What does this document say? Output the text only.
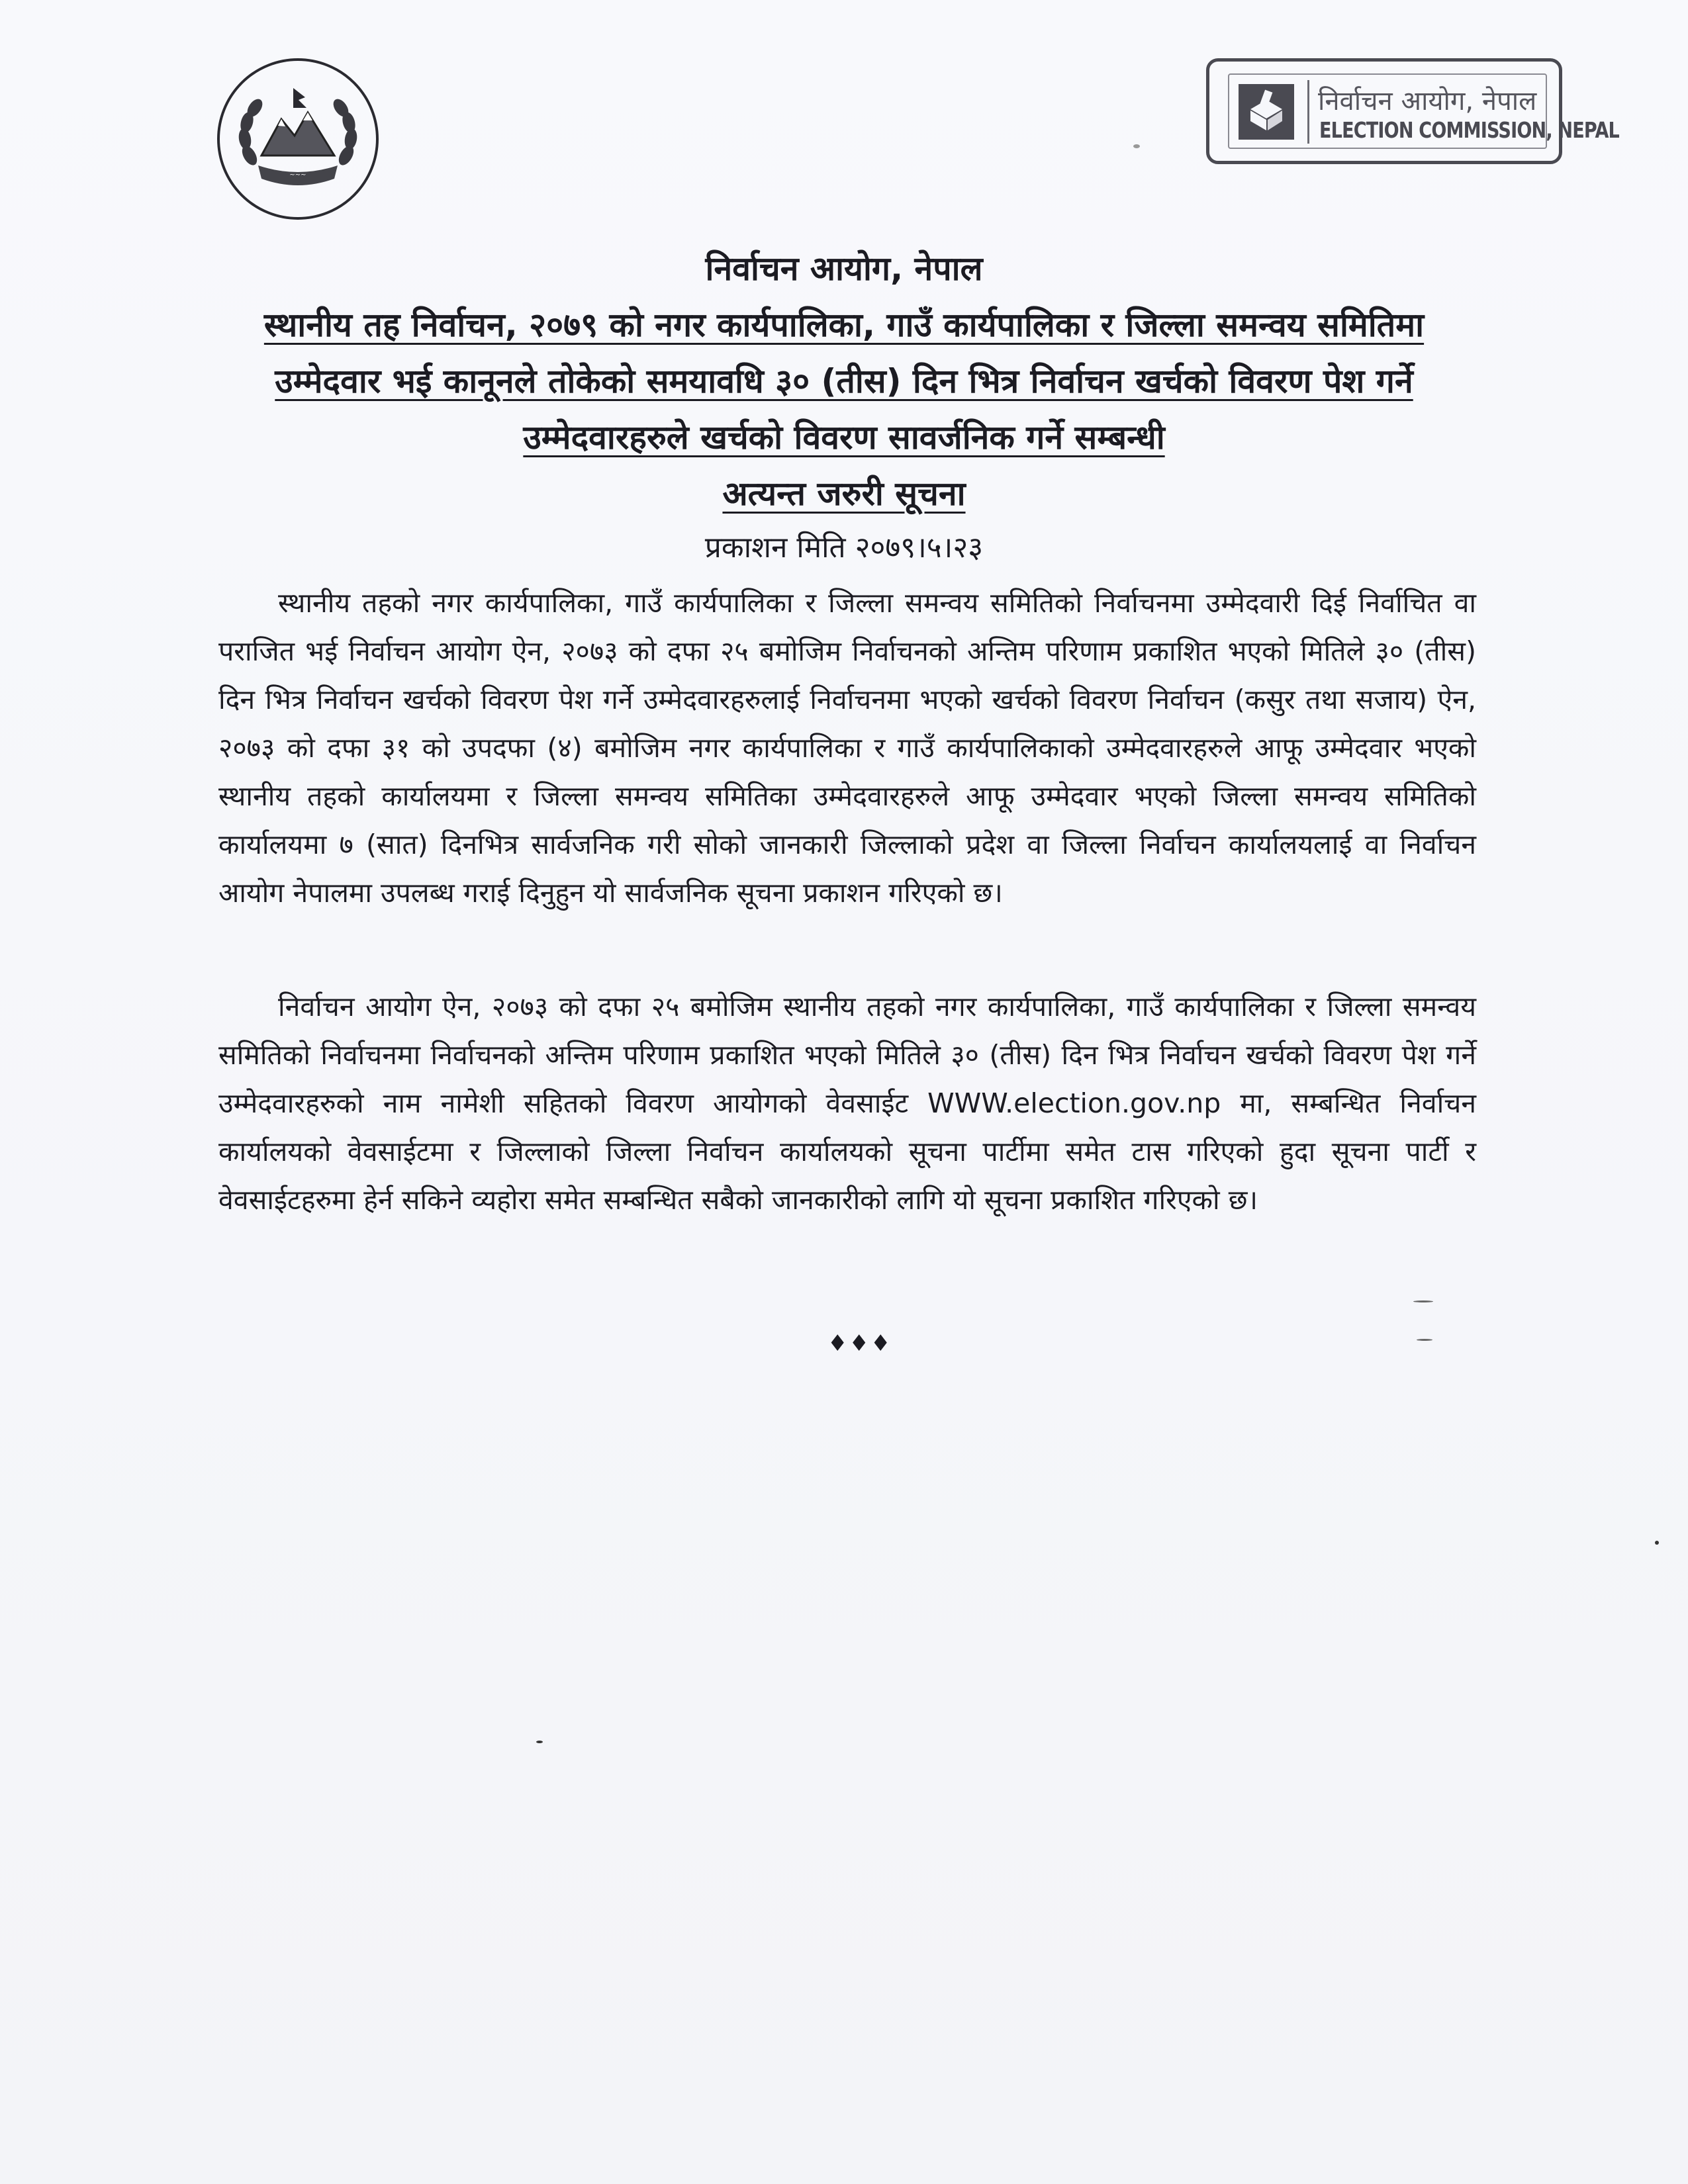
~~~
निर्वाचन आयोग, नेपाल
ELECTION COMMISSION, NEPAL
निर्वाचन आयोग, नेपाल
स्थानीय तह निर्वाचन, २०७९ को नगर कार्यपालिका, गाउँ कार्यपालिका र जिल्ला समन्वय समितिमा
उम्मेदवार भई कानूनले तोकेको समयावधि ३० (तीस) दिन भित्र निर्वाचन खर्चको विवरण पेश गर्ने
उम्मेदवारहरुले खर्चको विवरण सावर्जनिक गर्ने सम्बन्धी
अत्यन्त जरुरी सूचना
प्रकाशन मिति २०७९।५।२३
स्थानीय तहको नगर कार्यपालिका, गाउँ कार्यपालिका र जिल्ला समन्वय समितिको निर्वाचनमा उम्मेदवारी दिई निर्वाचित वा पराजित भई निर्वाचन आयोग ऐन, २०७३ को दफा २५ बमोजिम निर्वाचनको अन्तिम परिणाम प्रकाशित भएको मितिले ३० (तीस) दिन भित्र निर्वाचन खर्चको विवरण पेश गर्ने उम्मेदवारहरुलाई निर्वाचनमा भएको खर्चको विवरण निर्वाचन (कसुर तथा सजाय) ऐन, २०७३ को दफा ३१ को उपदफा (४) बमोजिम नगर कार्यपालिका र गाउँ कार्यपालिकाको उम्मेदवारहरुले आफू उम्मेदवार भएको स्थानीय तहको कार्यालयमा र जिल्ला समन्वय समितिका उम्मेदवारहरुले आफू उम्मेदवार भएको जिल्ला समन्वय समितिको कार्यालयमा ७ (सात) दिनभित्र सार्वजनिक गरी सोको जानकारी जिल्लाको प्रदेश वा जिल्ला निर्वाचन कार्यालयलाई वा निर्वाचन आयोग नेपालमा उपलब्ध गराई दिनुहुन यो सार्वजनिक सूचना प्रकाशन गरिएको छ।
निर्वाचन आयोग ऐन, २०७३ को दफा २५ बमोजिम स्थानीय तहको नगर कार्यपालिका, गाउँ कार्यपालिका र जिल्ला समन्वय समितिको निर्वाचनमा निर्वाचनको अन्तिम परिणाम प्रकाशित भएको मितिले ३० (तीस) दिन भित्र निर्वाचन खर्चको विवरण पेश गर्ने उम्मेदवारहरुको नाम नामेशी सहितको विवरण आयोगको वेवसाईट WWW.election.gov.np मा, सम्बन्धित निर्वाचन कार्यालयको वेवसाईटमा र जिल्लाको जिल्ला निर्वाचन कार्यालयको सूचना पार्टीमा समेत टास गरिएको हुदा सूचना पार्टी र वेवसाईटहरुमा हेर्न सकिने व्यहोरा समेत सम्बन्धित सबैको जानकारीको लागि यो सूचना प्रकाशित गरिएको छ।
♦♦♦
